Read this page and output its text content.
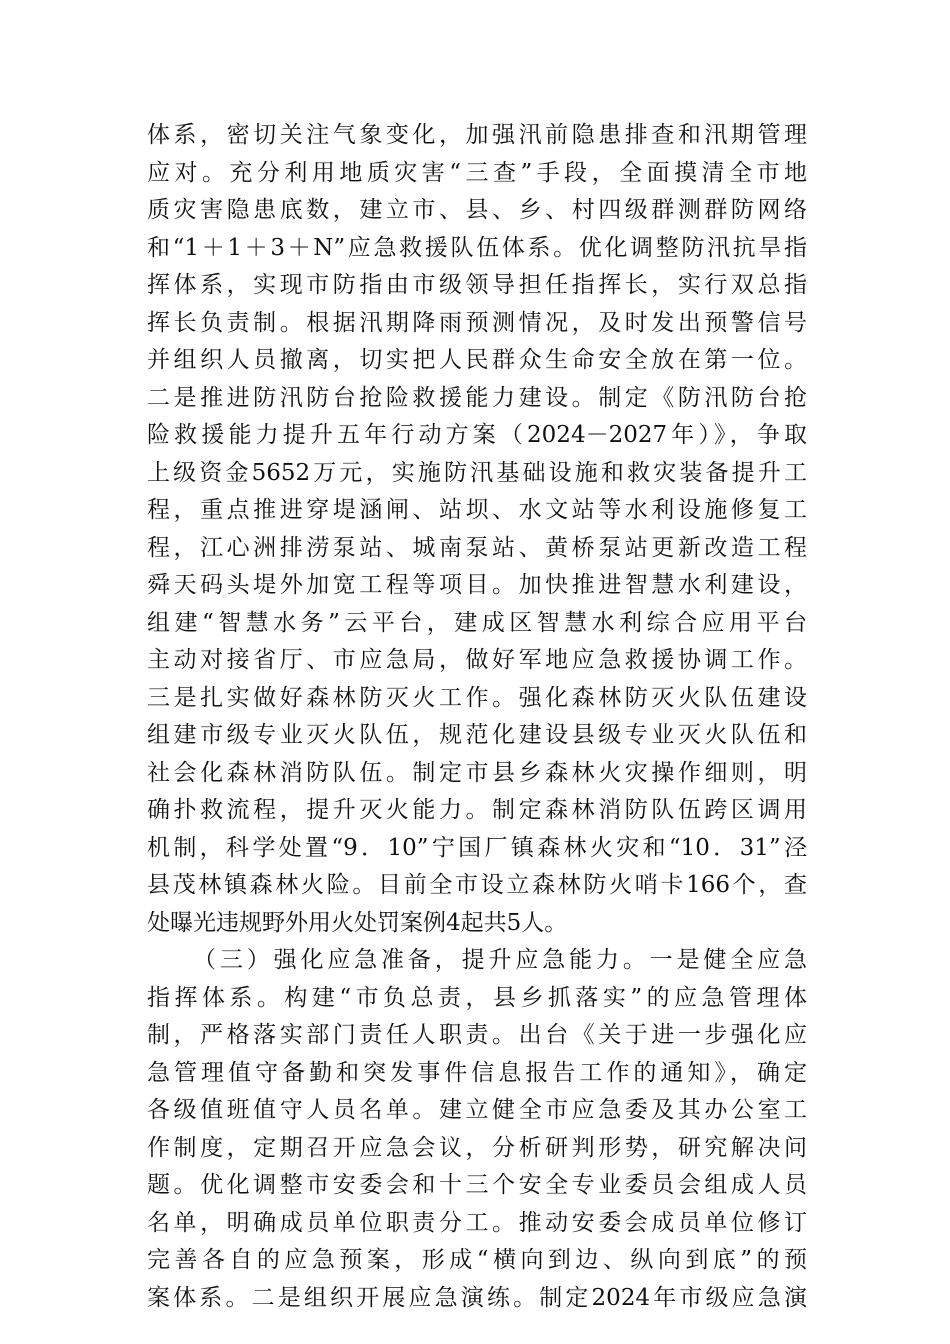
体系，密切关注气象变化，加强汛前隐患排查和汛期管理
应对。充分利用地质灾害“三查”手段，全面摸清全市地
质灾害隐患底数，建立市、县、乡、村四级群测群防网络
和“1＋1＋3＋N”应急救援队伍体系。优化调整防汛抗旱指
挥体系，实现市防指由市级领导担任指挥长，实行双总指
挥长负责制。根据汛期降雨预测情况，及时发出预警信号
并组织人员撤离，切实把人民群众生命安全放在第一位。
二是推进防汛防台抢险救援能力建设。制定《防汛防台抢
险救援能力提升五年行动方案（2024－2027年）》，争取
上级资金5652万元，实施防汛基础设施和救灾装备提升工
程，重点推进穿堤涵闸、站坝、水文站等水利设施修复工
程，江心洲排涝泵站、城南泵站、黄桥泵站更新改造工程
舜天码头堤外加宽工程等项目。加快推进智慧水利建设，
组建“智慧水务”云平台，建成区智慧水利综合应用平台
主动对接省厅、市应急局，做好军地应急救援协调工作。
三是扎实做好森林防灭火工作。强化森林防灭火队伍建设
组建市级专业灭火队伍，规范化建设县级专业灭火队伍和
社会化森林消防队伍。制定市县乡森林火灾操作细则，明
确扑救流程，提升灭火能力。制定森林消防队伍跨区调用
机制，科学处置“9．10”宁国厂镇森林火灾和“10．31”泾
县茂林镇森林火险。目前全市设立森林防火哨卡166个，查
处曝光违规野外用火处罚案例4起共5人。
（三）强化应急准备，提升应急能力。一是健全应急
指挥体系。构建“市负总责，县乡抓落实”的应急管理体
制，严格落实部门责任人职责。出台《关于进一步强化应
急管理值守备勤和突发事件信息报告工作的通知》，确定
各级值班值守人员名单。建立健全市应急委及其办公室工
作制度，定期召开应急会议，分析研判形势，研究解决问
题。优化调整市安委会和十三个安全专业委员会组成人员
名单，明确成员单位职责分工。推动安委会成员单位修订
完善各自的应急预案，形成“横向到边、纵向到底”的预
案体系。二是组织开展应急演练。制定2024年市级应急演
